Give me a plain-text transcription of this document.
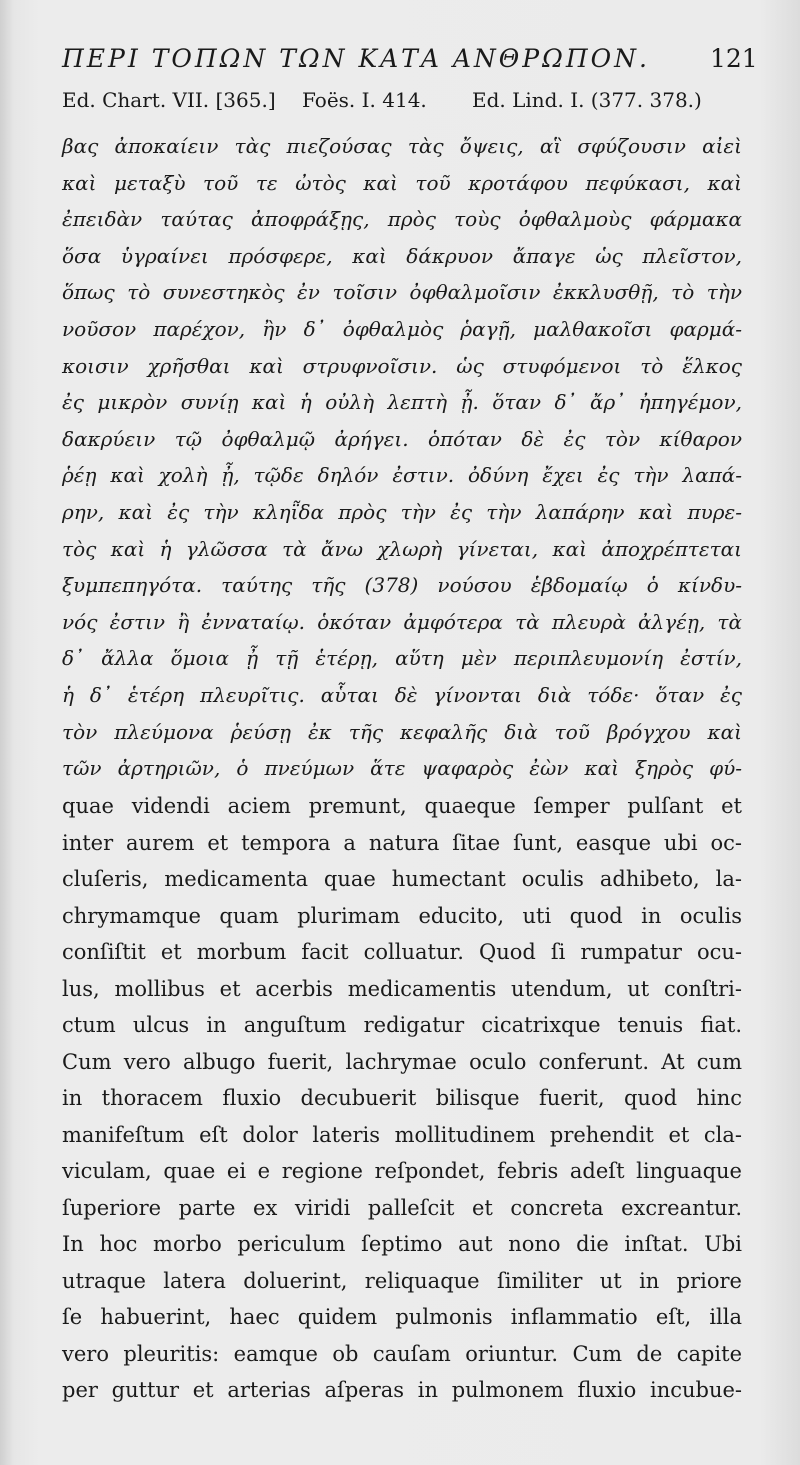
ΠΕΡΙ ΤΟΠΩΝ ΤΩΝ ΚΑΤΑ ΑΝΘΡΩΠΟΝ.	121
Ed. Chart. VII. [365.] Foës. I. 414. Ed. Lind. I. (377. 378.)
βας ἀποκαίειν τὰς πιεζούσας τὰς ὄψεις, αἳ σφύζουσιν αἰεὶ
καὶ μεταξὺ τοῦ τε ὠτὸς καὶ τοῦ κροτάφου πεφύκασι, καὶ
ἐπειδὰν ταύτας ἀποφράξῃς, πρὸς τοὺς ὀφθαλμοὺς φάρμακα
ὅσα ὑγραίνει πρόσφερε, καὶ δάκρυον ἄπαγε ὡς πλεῖστον,
ὅπως τὸ συνεστηκὸς ἐν τοῖσιν ὀφθαλμοῖσιν ἐκκλυσθῇ, τὸ τὴν
νοῦσον παρέχον, ἢν δ᾽ ὀφθαλμὸς ῥαγῇ, μαλθακοῖσι φαρμά-
κοισιν χρῆσθαι καὶ στρυφνοῖσιν. ὡς στυφόμενοι τὸ ἕλκος
ἐς μικρὸν συνίῃ καὶ ἡ οὐλὴ λεπτὴ ᾖ. ὅταν δ᾽ ἄρ᾽ ἠπηγέμον,
δακρύειν τῷ ὀφθαλμῷ ἀρήγει. ὁπόταν δὲ ἐς τὸν κίθαρον
ῥέῃ καὶ χολὴ ᾖ, τῷδε δηλόν ἐστιν. ὀδύνη ἔχει ἐς τὴν λαπά-
ρην, καὶ ἐς τὴν κληῗδα πρὸς τὴν ἐς τὴν λαπάρην καὶ πυρε-
τὸς καὶ ἡ γλῶσσα τὰ ἄνω χλωρὴ γίνεται, καὶ ἀποχρέπτεται
ξυμπεπηγότα. ταύτης τῆς (378) νούσου ἑβδομαίῳ ὁ κίνδυ-
νός ἐστιν ἢ ἐνναταίῳ. ὁκόταν ἀμφότερα τὰ πλευρὰ ἀλγέῃ, τὰ
δ᾽ ἄλλα ὅμοια ᾖ τῇ ἑτέρῃ, αὕτη μὲν περιπλευμονίη ἐστίν,
ἡ δ᾽ ἑτέρη πλευρῖτις. αὗται δὲ γίνονται διὰ τόδε· ὅταν ἐς
τὸν πλεύμονα ῥεύσῃ ἐκ τῆς κεφαλῆς διὰ τοῦ βρόγχου καὶ
τῶν ἀρτηριῶν, ὁ πνεύμων ἅτε ψαφαρὸς ἐὼν καὶ ξηρὸς φύ-
quae videndi aciem premunt, quaeque ſemper pulſant et
inter aurem et tempora a natura ſitae ſunt, easque ubi oc-
cluſeris, medicamenta quae humectant oculis adhibeto, la-
chrymamque quam plurimam educito, uti quod in oculis
conſiſtit et morbum facit colluatur. Quod ſi rumpatur ocu-
lus, mollibus et acerbis medicamentis utendum, ut conſtri-
ctum ulcus in anguſtum redigatur cicatrixque tenuis fiat.
Cum vero albugo fuerit, lachrymae oculo conferunt. At cum
in thoracem fluxio decubuerit bilisque fuerit, quod hinc
manifeſtum eſt dolor lateris mollitudinem prehendit et cla-
viculam, quae ei e regione reſpondet, febris adeſt linguaque
ſuperiore parte ex viridi palleſcit et concreta excreantur.
In hoc morbo periculum ſeptimo aut nono die inſtat. Ubi
utraque latera doluerint, reliquaque ſimiliter ut in priore
ſe habuerint, haec quidem pulmonis inflammatio eſt, illa
vero pleuritis: eamque ob cauſam oriuntur. Cum de capite
per guttur et arterias aſperas in pulmonem fluxio incubue-
